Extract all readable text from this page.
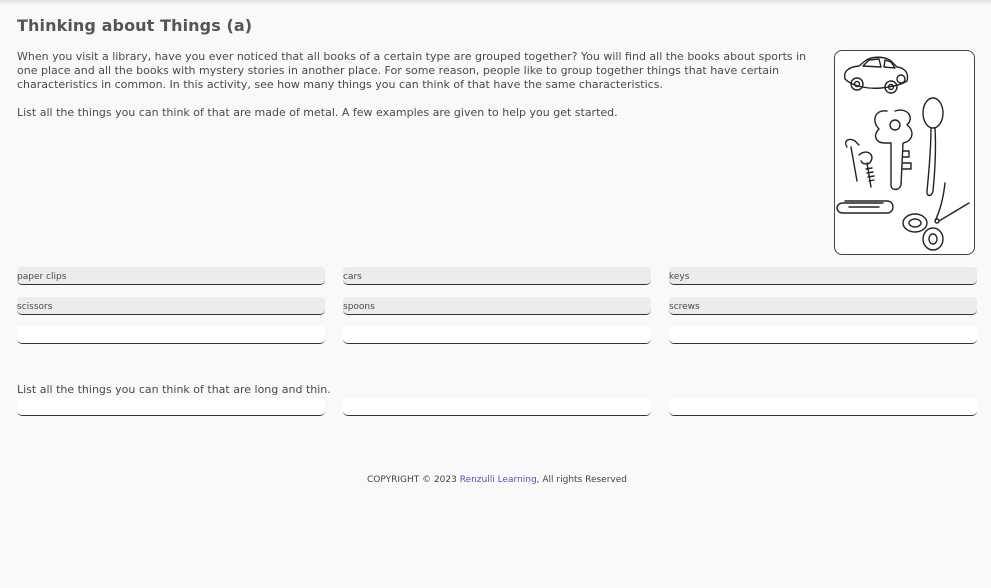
Thinking about Things (a)

When you visit a library, have you ever noticed that all books of a certain type are grouped together? You will find all the books about sports in one place and all the books with mystery stories in another place. For some reason, people like to group together things that have certain characteristics in common. In this activity, see how many things you can think of that have the same characteristics.

List all the things you can think of that are made of metal. A few examples are given to help you get started.

paper clips	cars	keys
scissors	spoons	screws

List all the things you can think of that are long and thin.

COPYRIGHT © 2023 Renzulli Learning, All rights Reserved
